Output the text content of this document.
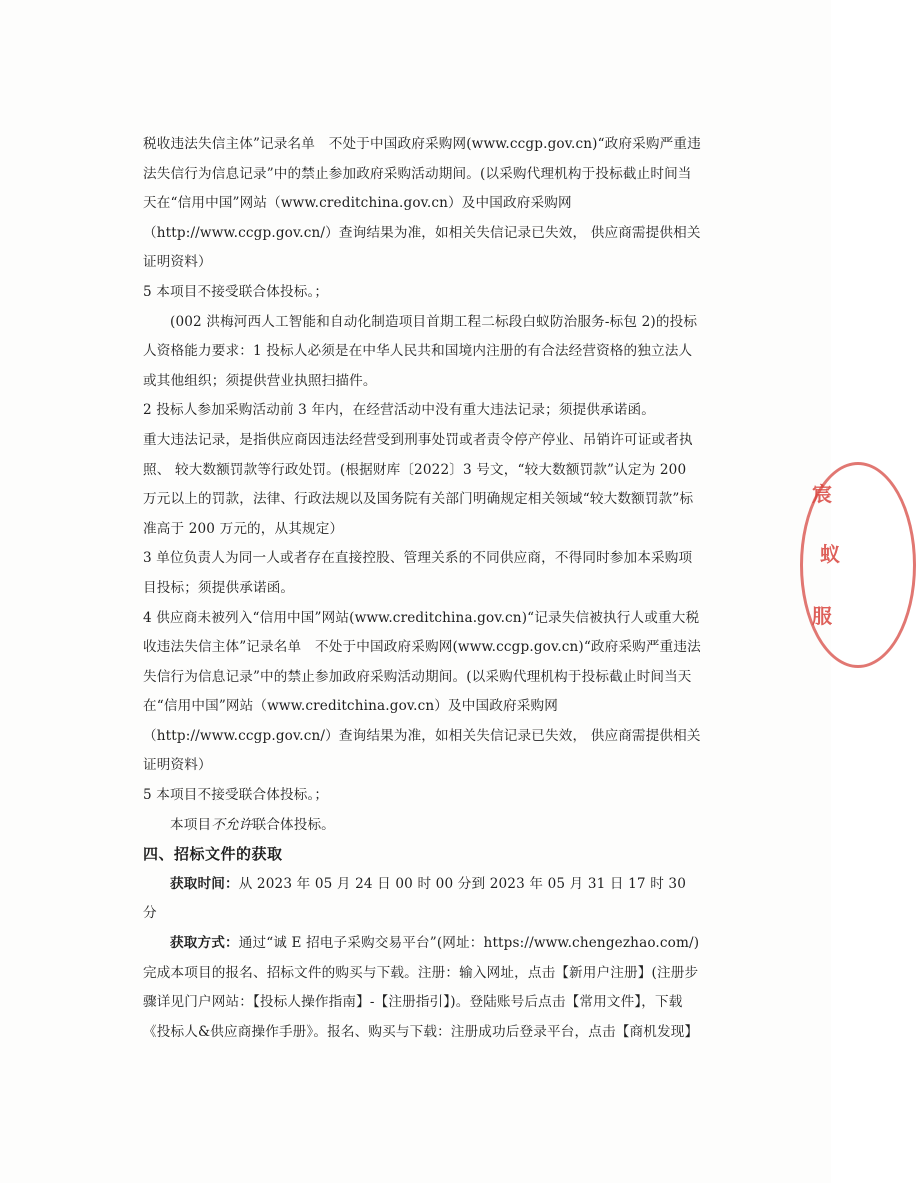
税收违法失信主体”记录名单　不处于中国政府采购网(www.ccgp.gov.cn)“政府采购严重违法失信行为信息记录”中的禁止参加政府采购活动期间。(以采购代理机构于投标截止时间当天在“信用中国”网站（www.creditchina.gov.cn）及中国政府采购网（http://www.ccgp.gov.cn/）查询结果为准，如相关失信记录已失效， 供应商需提供相关证明资料）

5 本项目不接受联合体投标。；

(002 洪梅河西人工智能和自动化制造项目首期工程二标段白蚁防治服务-标包 2)的投标人资格能力要求：1 投标人必须是在中华人民共和国境内注册的有合法经营资格的独立法人或其他组织；须提供营业执照扫描件。

2 投标人参加采购活动前 3 年内，在经营活动中没有重大违法记录；须提供承诺函。

重大违法记录，是指供应商因违法经营受到刑事处罚或者责令停产停业、吊销许可证或者执照、 较大数额罚款等行政处罚。(根据财库〔2022〕3 号文，“较大数额罚款”认定为 200 万元以上的罚款，法律、行政法规以及国务院有关部门明确规定相关领域“较大数额罚款”标准高于 200 万元的，从其规定）

3 单位负责人为同一人或者存在直接控股、管理关系的不同供应商，不得同时参加本采购项目投标；须提供承诺函。

4 供应商未被列入“信用中国”网站(www.creditchina.gov.cn)“记录失信被执行人或重大税收违法失信主体”记录名单　不处于中国政府采购网(www.ccgp.gov.cn)“政府采购严重违法失信行为信息记录”中的禁止参加政府采购活动期间。(以采购代理机构于投标截止时间当天在“信用中国”网站（www.creditchina.gov.cn）及中国政府采购网（http://www.ccgp.gov.cn/）查询结果为准，如相关失信记录已失效， 供应商需提供相关证明资料）

5 本项目不接受联合体投标。；

本项目不允许联合体投标。

四、招标文件的获取

获取时间：从 2023 年 05 月 24 日 00 时 00 分到 2023 年 05 月 31 日 17 时 30 分

获取方式：通过“诚 E 招电子采购交易平台”(网址：https://www.chengezhao.com/)完成本项目的报名、招标文件的购买与下载。注册：输入网址，点击【新用户注册】(注册步骤详见门户网站：【投标人操作指南】-【注册指引】)。登陆账号后点击【常用文件】，下载《投标人&供应商操作手册》。报名、购买与下载：注册成功后登录平台，点击【商机发现】

宸
蚁
服
